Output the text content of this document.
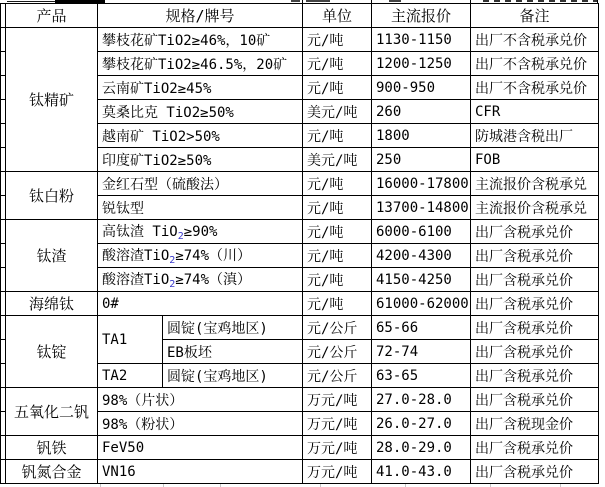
	产品	规格/牌号		单位	主流报价	备注
	钛精矿	攀枝花矿TiO2≥46%，10矿		元/吨	1130-1150	出厂不含税承兑价
		攀枝花矿TiO2≥46.5%，20矿		元/吨	1200-1250	出厂不含税承兑价
		云南矿TiO2≥45%		元/吨	900-950	出厂不含税承兑价
		莫桑比克 TiO2≥50%		美元/吨	260	CFR
		越南矿 TiO2>50%		元/吨	1800	防城港含税出厂
		印度矿TiO2≥50%		美元/吨	250	FOB
	钛白粉	金红石型（硫酸法）		元/吨	16000-17800	主流报价含税承兑
		锐钛型		元/吨	13700-14800	主流报价含税承兑
	钛渣	高钛渣 TiO$_2$≥90%		元/吨	6000-6100	出厂含税承兑价
		酸溶渣TiO$_2$≥74%（川）		元/吨	4200-4300	出厂含税承兑价
		酸溶渣TiO$_2$≥74%（滇）		元/吨	4150-4250	出厂含税承兑价
	海绵钛	0#		元/吨	61000-62000	出厂含税承兑价
	钛锭	TA1	圆锭(宝鸡地区)	元/公斤	65-66	出厂含税承兑价
			EB板坯	元/公斤	72-74	出厂含税承兑价
		TA2	圆锭(宝鸡地区)	元/公斤	63-65	出厂含税承兑价
	五氧化二钒	98%（片状）		万元/吨	27.0-28.0	出厂含税承兑价
		98%（粉状）		万元/吨	26.0-27.0	出厂含税现金价
	钒铁	FeV50		万元/吨	28.0-29.0	出厂含税承兑价
	钒氮合金	VN16		万元/吨	41.0-43.0	出厂含税承兑价
